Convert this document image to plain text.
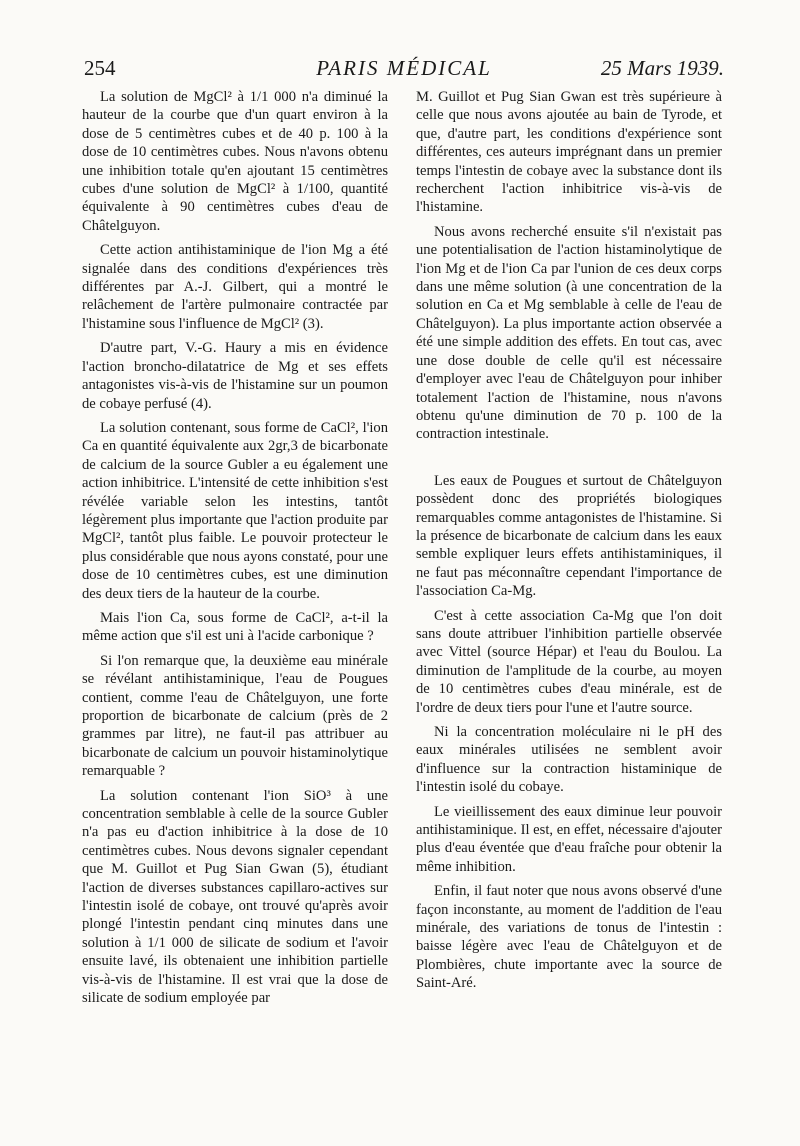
254	PARIS MÉDICAL	25 Mars 1939.

La solution de MgCl² à 1/1 000 n'a diminué la hauteur de la courbe que d'un quart environ à la dose de 5 centimètres cubes et de 40 p. 100 à la dose de 10 centimètres cubes. Nous n'avons obtenu une inhibition totale qu'en ajoutant 15 centimètres cubes d'une solution de MgCl² à 1/100, quantité équivalente à 90 centimètres cubes d'eau de Châtelguyon.

Cette action antihistaminique de l'ion Mg a été signalée dans des conditions d'expériences très différentes par A.-J. Gilbert, qui a montré le relâchement de l'artère pulmonaire contractée par l'histamine sous l'influence de MgCl² (3).

D'autre part, V.-G. Haury a mis en évidence l'action broncho-dilatatrice de Mg et ses effets antagonistes vis-à-vis de l'histamine sur un poumon de cobaye perfusé (4).

La solution contenant, sous forme de CaCl², l'ion Ca en quantité équivalente aux 2gr,3 de bicarbonate de calcium de la source Gubler a eu également une action inhibitrice. L'intensité de cette inhibition s'est révélée variable selon les intestins, tantôt légèrement plus importante que l'action produite par MgCl², tantôt plus faible. Le pouvoir protecteur le plus considérable que nous ayons constaté, pour une dose de 10 centimètres cubes, est une diminution des deux tiers de la hauteur de la courbe.

Mais l'ion Ca, sous forme de CaCl², a-t-il la même action que s'il est uni à l'acide carbonique ?

Si l'on remarque que, la deuxième eau minérale se révélant antihistaminique, l'eau de Pougues contient, comme l'eau de Châtelguyon, une forte proportion de bicarbonate de calcium (près de 2 grammes par litre), ne faut-il pas attribuer au bicarbonate de calcium un pouvoir histaminolytique remarquable ?

La solution contenant l'ion SiO³ à une concentration semblable à celle de la source Gubler n'a pas eu d'action inhibitrice à la dose de 10 centimètres cubes. Nous devons signaler cependant que M. Guillot et Pug Sian Gwan (5), étudiant l'action de diverses substances capillaro-actives sur l'intestin isolé de cobaye, ont trouvé qu'après avoir plongé l'intestin pendant cinq minutes dans une solution à 1/1 000 de silicate de sodium et l'avoir ensuite lavé, ils obtenaient une inhibition partielle vis-à-vis de l'histamine. Il est vrai que la dose de silicate de sodium employée par

M. Guillot et Pug Sian Gwan est très supérieure à celle que nous avons ajoutée au bain de Tyrode, et que, d'autre part, les conditions d'expérience sont différentes, ces auteurs imprégnant dans un premier temps l'intestin de cobaye avec la substance dont ils recherchent l'action inhibitrice vis-à-vis de l'histamine.

Nous avons recherché ensuite s'il n'existait pas une potentialisation de l'action histaminolytique de l'ion Mg et de l'ion Ca par l'union de ces deux corps dans une même solution (à une concentration de la solution en Ca et Mg semblable à celle de l'eau de Châtelguyon). La plus importante action observée a été une simple addition des effets. En tout cas, avec une dose double de celle qu'il est nécessaire d'employer avec l'eau de Châtelguyon pour inhiber totalement l'action de l'histamine, nous n'avons obtenu qu'une diminution de 70 p. 100 de la contraction intestinale.

Les eaux de Pougues et surtout de Châtelguyon possèdent donc des propriétés biologiques remarquables comme antagonistes de l'histamine. Si la présence de bicarbonate de calcium dans les eaux semble expliquer leurs effets antihistaminiques, il ne faut pas méconnaître cependant l'importance de l'association Ca-Mg.

C'est à cette association Ca-Mg que l'on doit sans doute attribuer l'inhibition partielle observée avec Vittel (source Hépar) et l'eau du Boulou. La diminution de l'amplitude de la courbe, au moyen de 10 centimètres cubes d'eau minérale, est de l'ordre de deux tiers pour l'une et l'autre source.

Ni la concentration moléculaire ni le pH des eaux minérales utilisées ne semblent avoir d'influence sur la contraction histaminique de l'intestin isolé du cobaye.

Le vieillissement des eaux diminue leur pouvoir antihistaminique. Il est, en effet, nécessaire d'ajouter plus d'eau éventée que d'eau fraîche pour obtenir la même inhibition.

Enfin, il faut noter que nous avons observé d'une façon inconstante, au moment de l'addition de l'eau minérale, des variations de tonus de l'intestin : baisse légère avec l'eau de Châtelguyon et de Plombières, chute importante avec la source de Saint-Aré.
